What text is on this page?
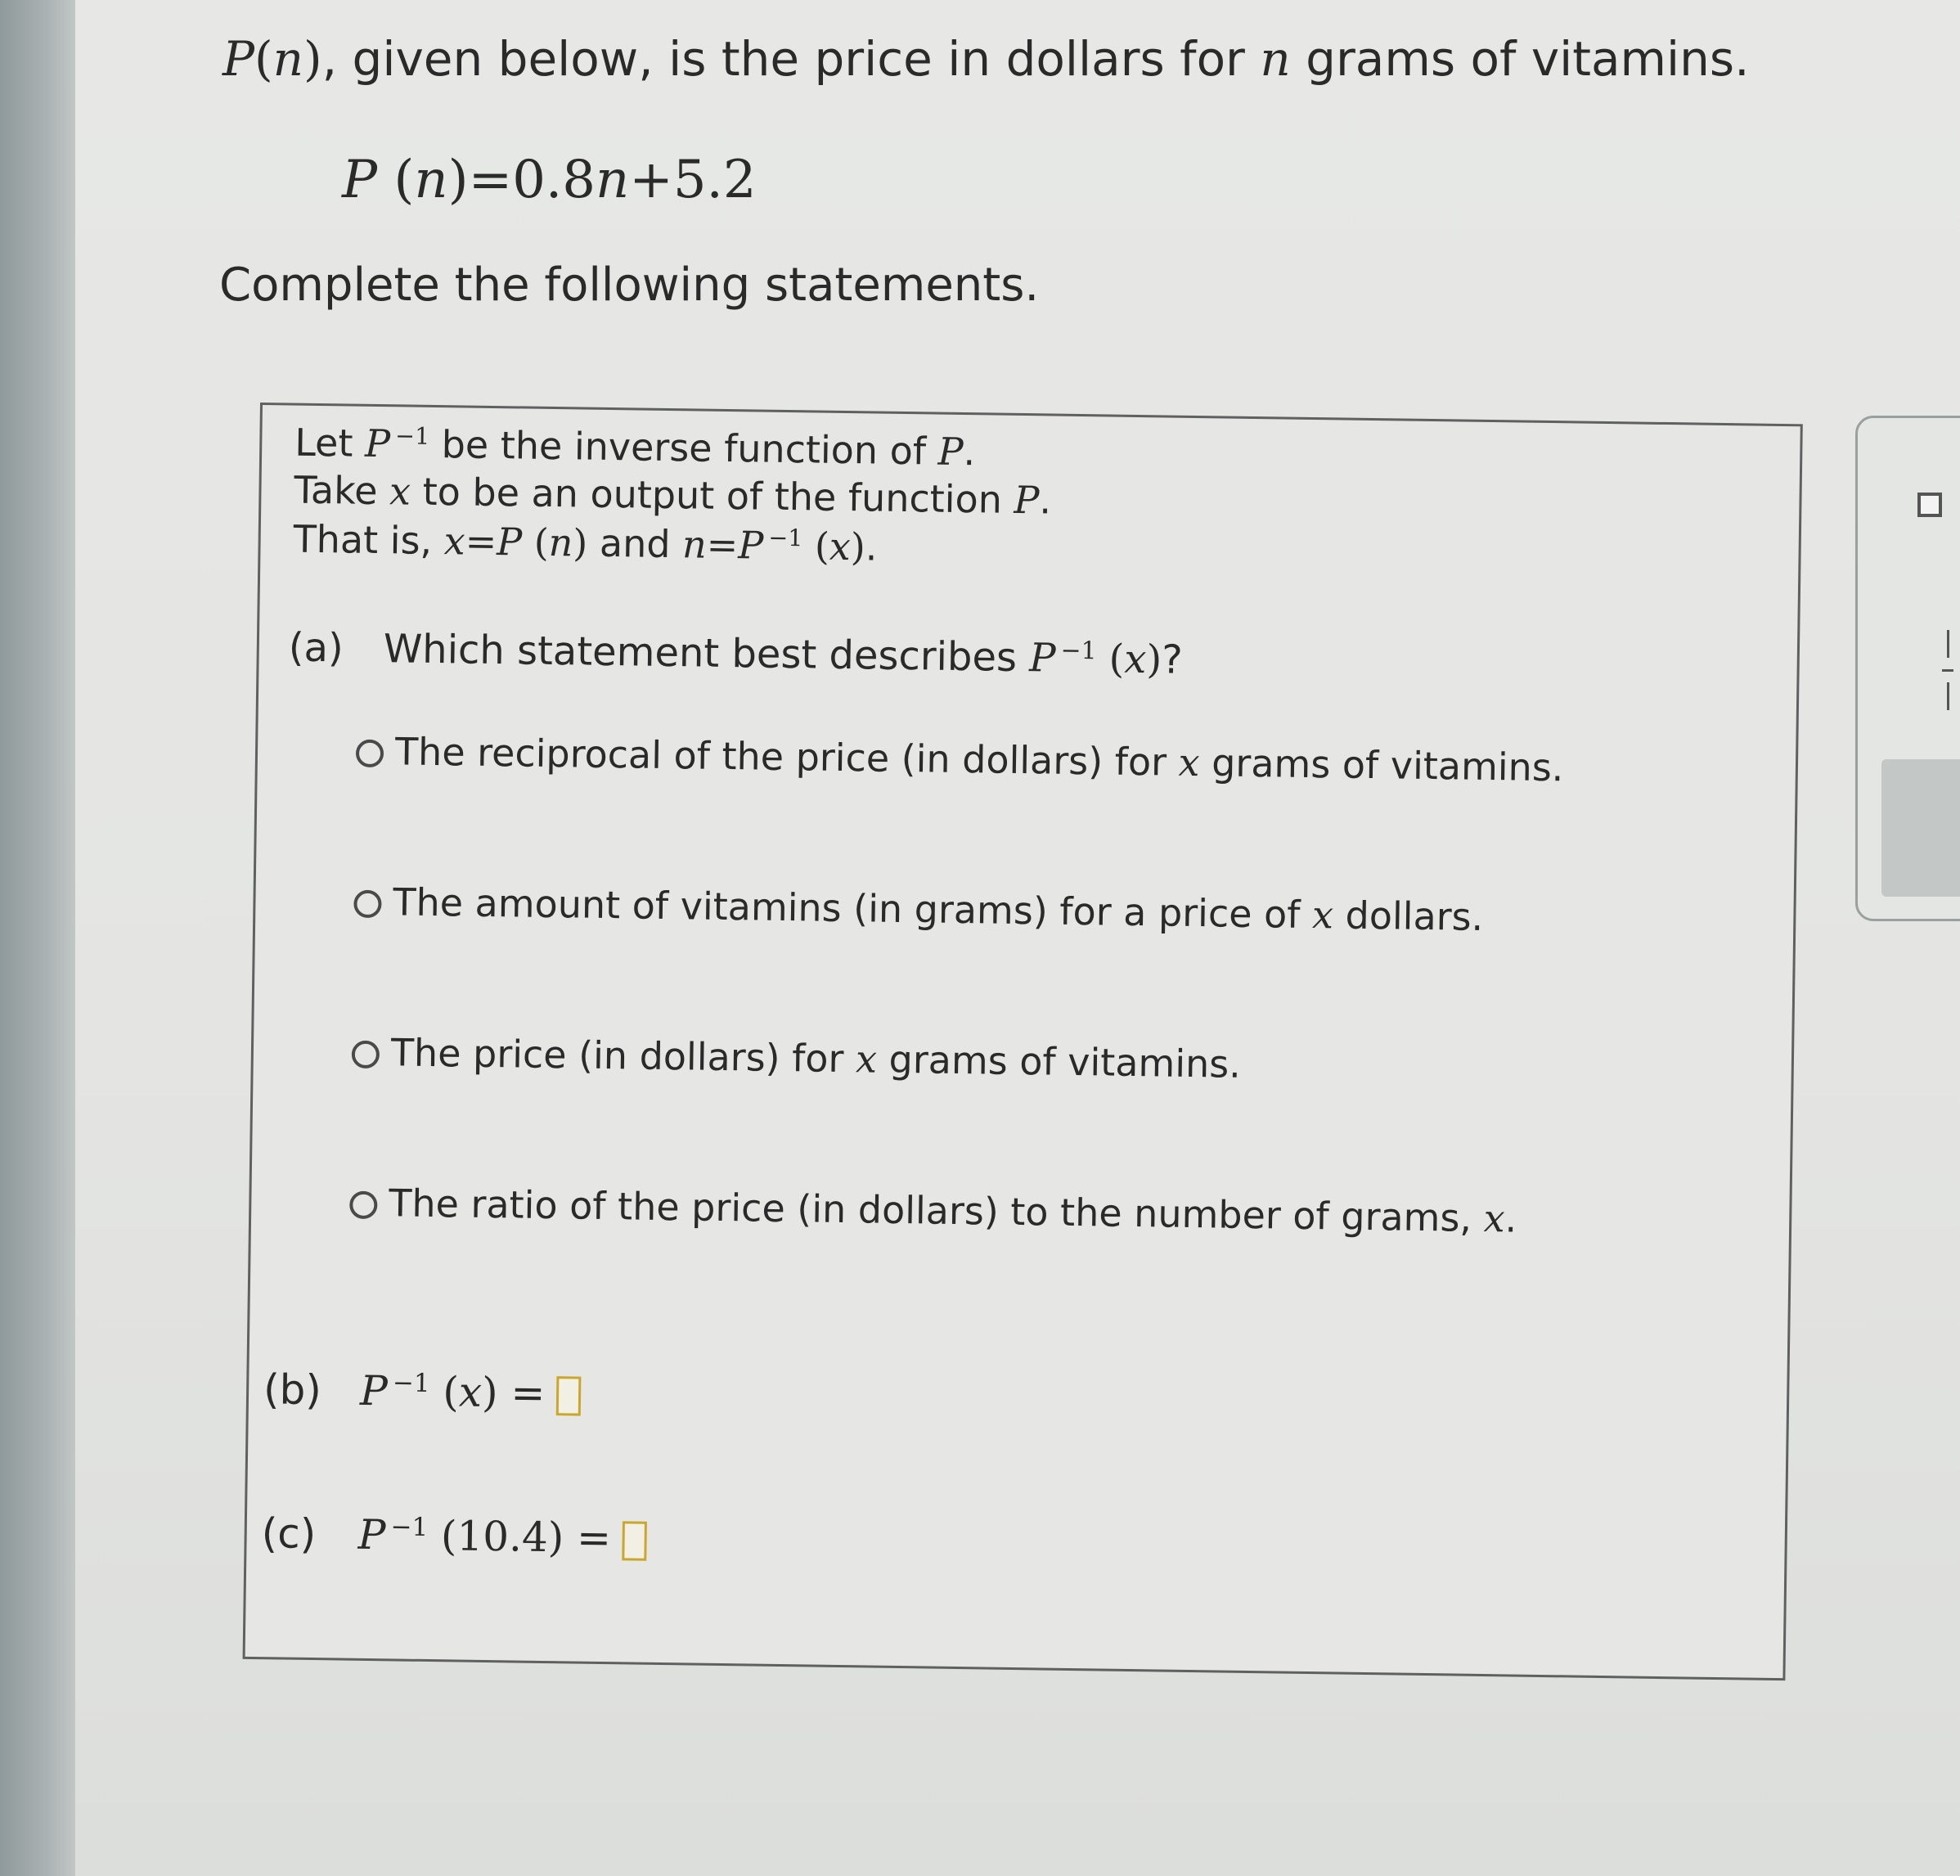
P(n), given below, is the price in dollars for n grams of vitamins.
P (n)=0.8n+5.2
Complete the following statements.
Let P $^{-1}$ be the inverse function of P.
Take x to be an output of the function P.
That is, x=P (n) and n=P $^{-1}$ (x).
(a) Which statement best describes P $^{-1}$ (x)?
The reciprocal of the price (in dollars) for x grams of vitamins.
The amount of vitamins (in grams) for a price of x dollars.
The price (in dollars) for x grams of vitamins.
The ratio of the price (in dollars) to the number of grams, x.
(b) P $^{-1}$ (x) =
(c) P $^{-1}$ (10.4) =
